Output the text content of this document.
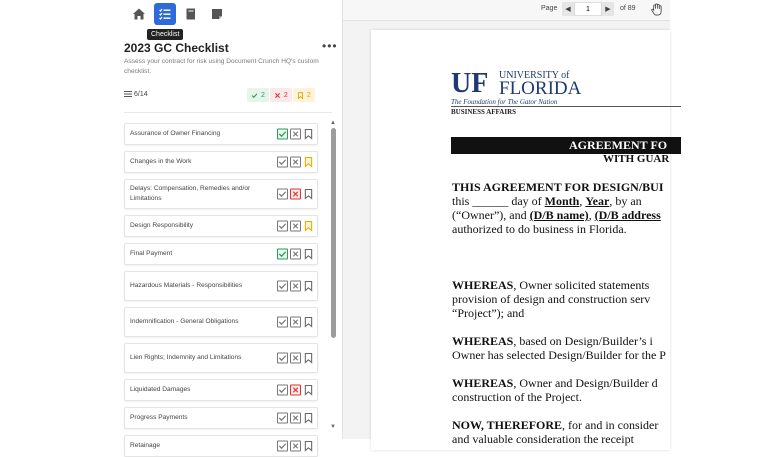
Checklist
2023 GC Checklist	•••
Assess your contract for risk using Document Crunch HQ's custom checklist.
6/14	2	2	2
Assurance of Owner Financing
Changes in the Work
Delays: Compensation, Remedies and/or Limitations
Design Responsibility
Final Payment
Hazardous Materials - Responsibilities
Indemnification - General Obligations
Lien Rights; Indemnity and Limitations
Liquidated Damages
Progress Payments
Retainage
▲
▼
Page	◀	1	▶	of 89
UF UNIVERSITY of
FLORIDA
The Foundation for The Gator Nation
BUSINESS AFFAIRS
AGREEMENT FO
WITH GUAR
THIS AGREEMENT FOR DESIGN/BUI
this ______ day of Month, Year, by an
(“Owner”), and (D/B name), (D/B address
authorized to do business in Florida.
WHEREAS, Owner solicited statements
provision of design and construction serv
“Project”); and
WHEREAS, based on Design/Builder’s i
Owner has selected Design/Builder for the P
WHEREAS, Owner and Design/Builder d
construction of the Project.
NOW, THEREFORE, for and in consider
and valuable consideration the receipt
